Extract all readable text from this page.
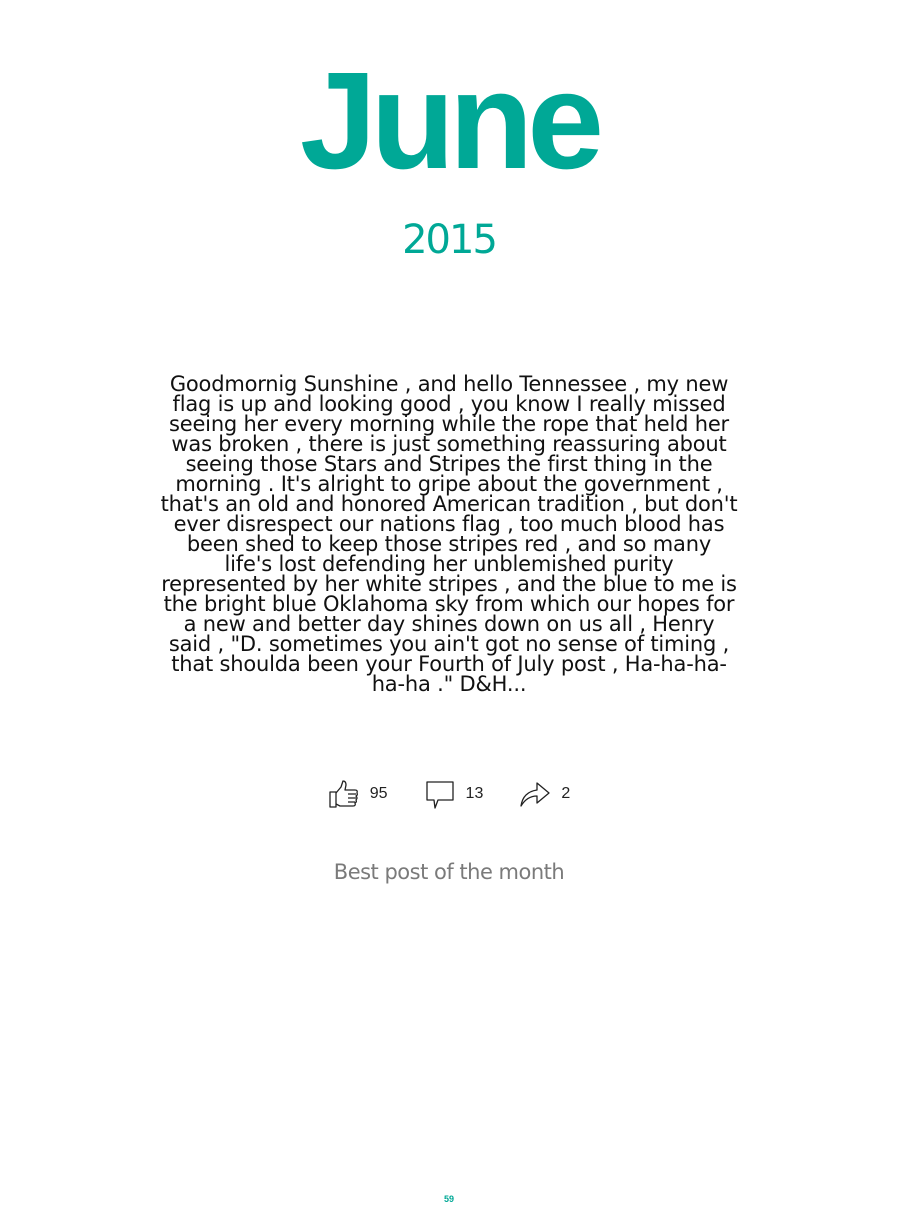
June
2015
Goodmornig Sunshine , and hello Tennessee , my new flag is up and looking good , you know I really missed seeing her every morning while the rope that held her was broken , there is just something reassuring about seeing those Stars and Stripes the first thing in the morning . It's alright to gripe about the government , that's an old and honored American tradition , but don't ever disrespect our nations flag , too much blood has been shed to keep those stripes red , and so many life's lost defending her unblemished purity represented by her white stripes , and the blue to me is the bright blue Oklahoma sky from which our hopes for a new and better day shines down on us all , Henry said , "D. sometimes you ain't got no sense of timing , that shoulda been your Fourth of July post , Ha-ha-ha-ha-ha ." D&H...
95	13	2
Best post of the month
59
